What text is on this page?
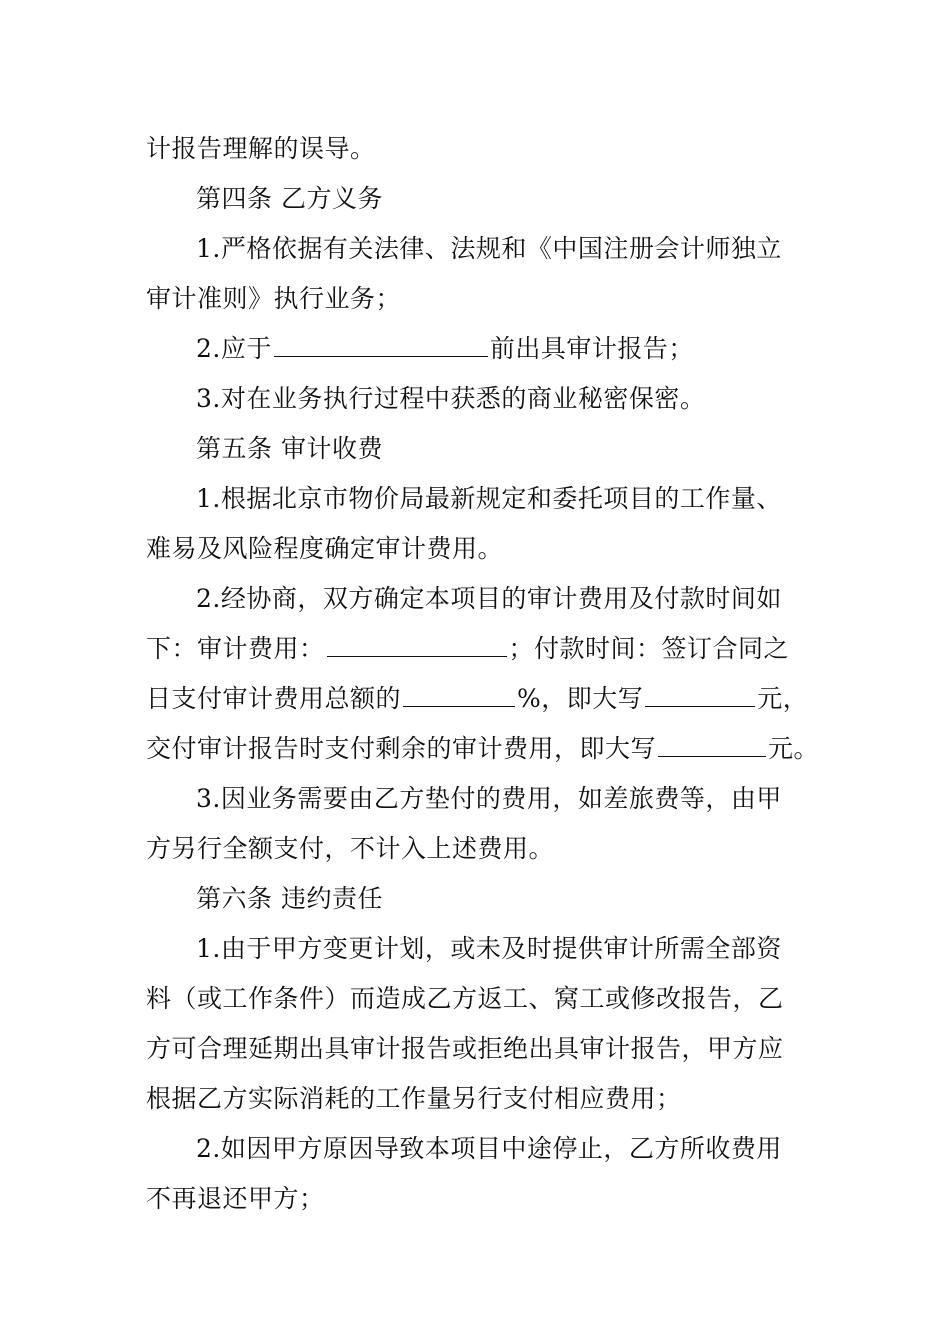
计报告理解的误导。
第四条 乙方义务
1.严格依据有关法律、法规和《中国注册会计师独立
审计准则》执行业务；
2.应于	前出具审计报告；
3.对在业务执行过程中获悉的商业秘密保密。
第五条 审计收费
1.根据北京市物价局最新规定和委托项目的工作量、
难易及风险程度确定审计费用。
2.经协商，双方确定本项目的审计费用及付款时间如
下：审计费用：	；付款时间：签订合同之
日支付审计费用总额的	%，即大写	元，
交付审计报告时支付剩余的审计费用，即大写	元。
3.因业务需要由乙方垫付的费用，如差旅费等，由甲
方另行全额支付，不计入上述费用。
第六条 违约责任
1.由于甲方变更计划，或未及时提供审计所需全部资
料（或工作条件）而造成乙方返工、窝工或修改报告，乙
方可合理延期出具审计报告或拒绝出具审计报告，甲方应
根据乙方实际消耗的工作量另行支付相应费用；
2.如因甲方原因导致本项目中途停止，乙方所收费用
不再退还甲方；
